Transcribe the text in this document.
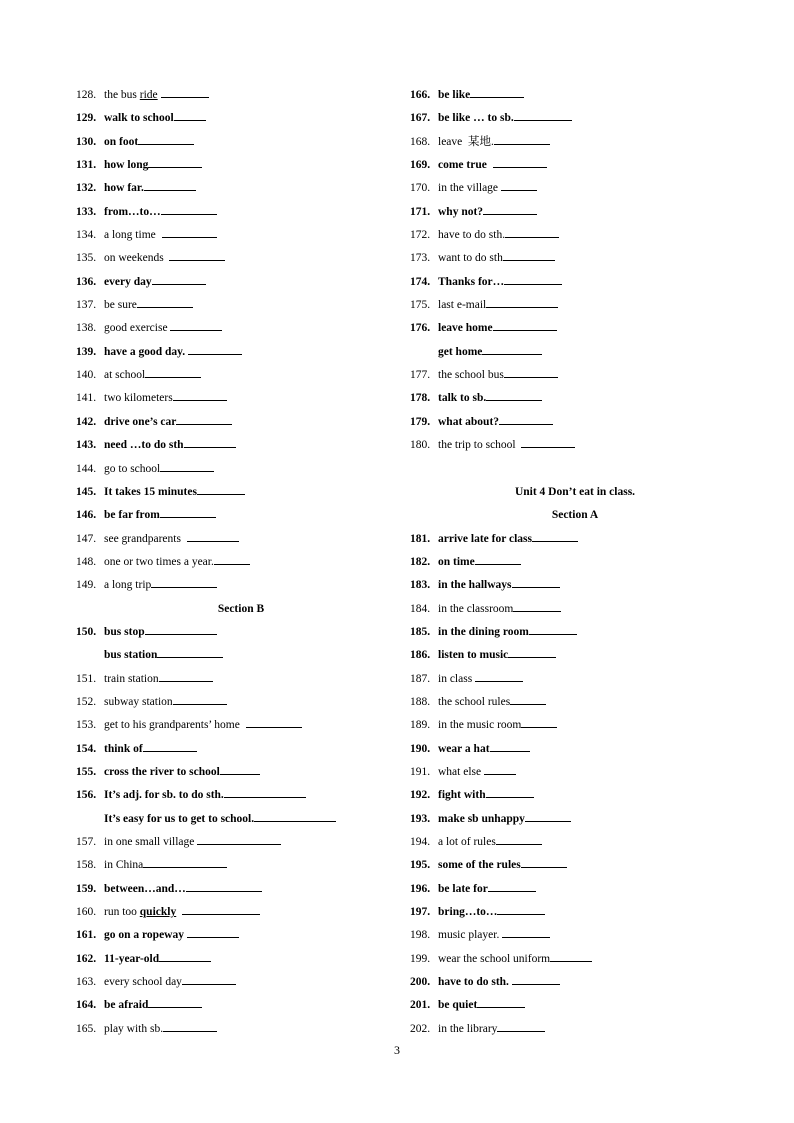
128. the bus ride
129. walk to school
130. on foot
131. how long
132. how far.
133. from…to…
134. a long time
135. on weekends
136. every day
137. be sure
138. good exercise
139. have a good day.
140. at school
141. two kilometers
142. drive one’s car
143. need …to do sth
144. go to school
145. It takes 15 minutes
146. be far from
147. see grandparents
148. one or two times a year.
149. a long trip
Section B
150. bus stop
bus station
151. train station
152. subway station
153. get to his grandparents’ home
154. think of
155. cross the river to school
156. It’s adj. for sb. to do sth.
It’s easy for us to get to school.
157. in one small village
158. in China
159. between…and…
160. run too quickly
161. go on a ropeway
162. 11-year-old
163. every school day
164. be afraid
165. play with sb.
166. be like
167. be like … to sb.
168. leave  某地.
169. come true
170. in the village
171. why not?
172. have to do sth.
173. want to do sth
174. Thanks for…
175. last e-mail
176. leave home
get home
177. the school bus
178. talk to sb.
179. what about?
180. the trip to school
Unit 4 Don’t eat in class.
Section A
181. arrive late for class
182. on time
183. in the hallways
184. in the classroom
185. in the dining room
186. listen to music
187. in class
188. the school rules
189. in the music room
190. wear a hat
191. what else
192. fight with
193. make sb unhappy
194. a lot of rules
195. some of the rules
196. be late for
197. bring…to…
198. music player.
199. wear the school uniform
200. have to do sth.
201. be quiet
202. in the library
3
